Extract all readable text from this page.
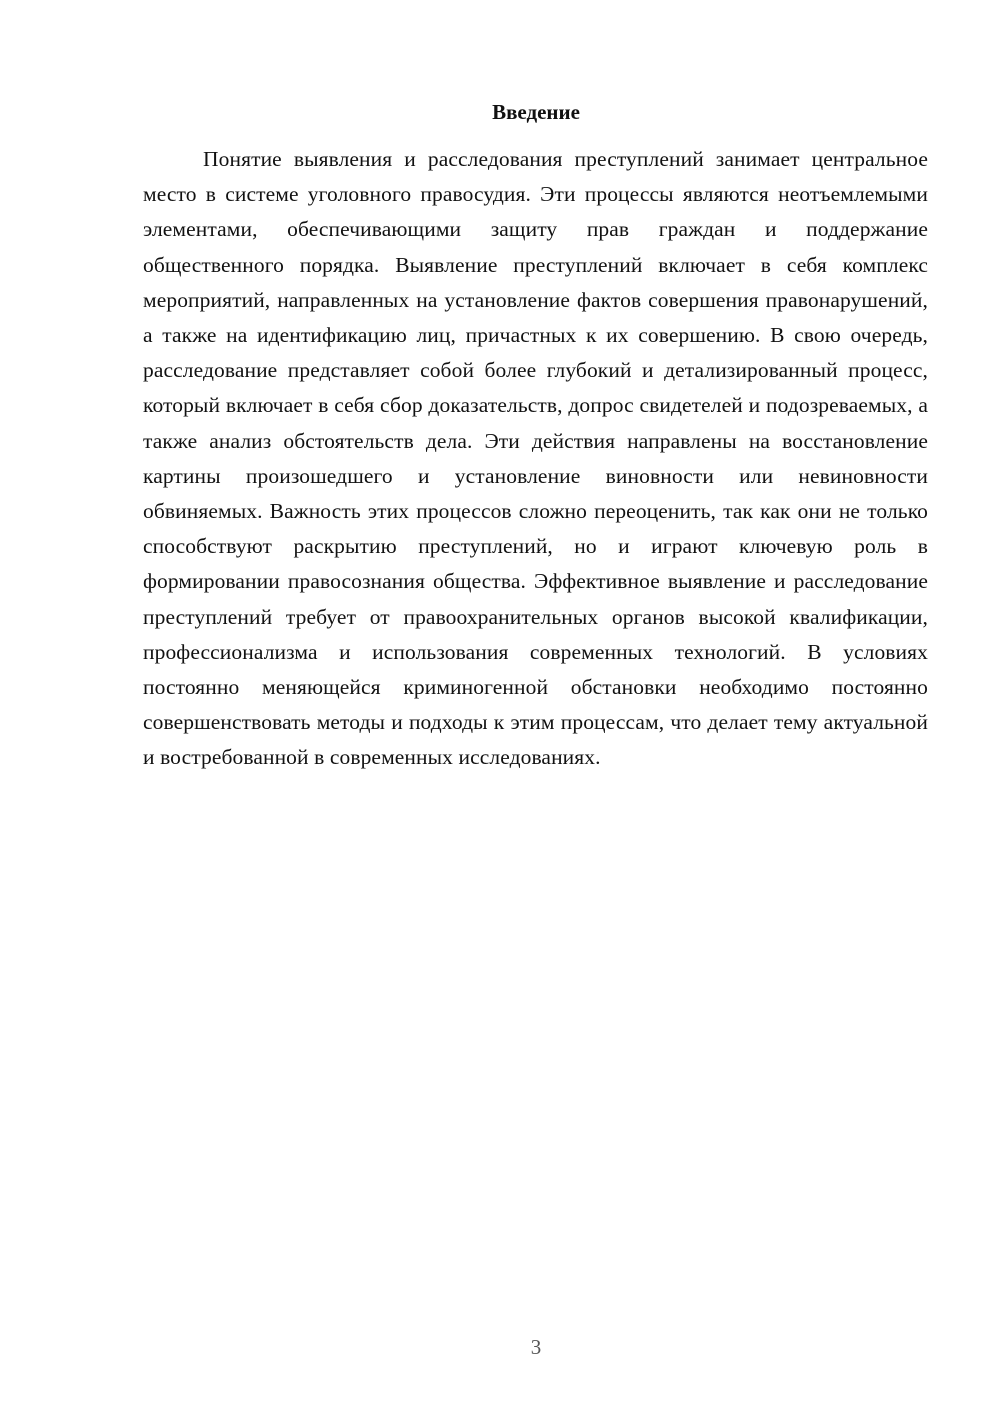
Введение

Понятие выявления и расследования преступлений занимает центральное место в системе уголовного правосудия. Эти процессы являются неотъемлемыми элементами, обеспечивающими защиту прав граждан и поддержание общественного порядка. Выявление преступлений включает в себя комплекс мероприятий, направленных на установление фактов совершения правонарушений, а также на идентификацию лиц, причастных к их совершению. В свою очередь, расследование представляет собой более глубокий и детализированный процесс, который включает в себя сбор доказательств, допрос свидетелей и подозреваемых, а также анализ обстоятельств дела. Эти действия направлены на восстановление картины произошедшего и установление виновности или невиновности обвиняемых. Важность этих процессов сложно переоценить, так как они не только способствуют раскрытию преступлений, но и играют ключевую роль в формировании правосознания общества. Эффективное выявление и расследование преступлений требует от правоохранительных органов высокой квалификации, профессионализма и использования современных технологий. В условиях постоянно меняющейся криминогенной обстановки необходимо постоянно совершенствовать методы и подходы к этим процессам, что делает тему актуальной и востребованной в современных исследованиях.

3
